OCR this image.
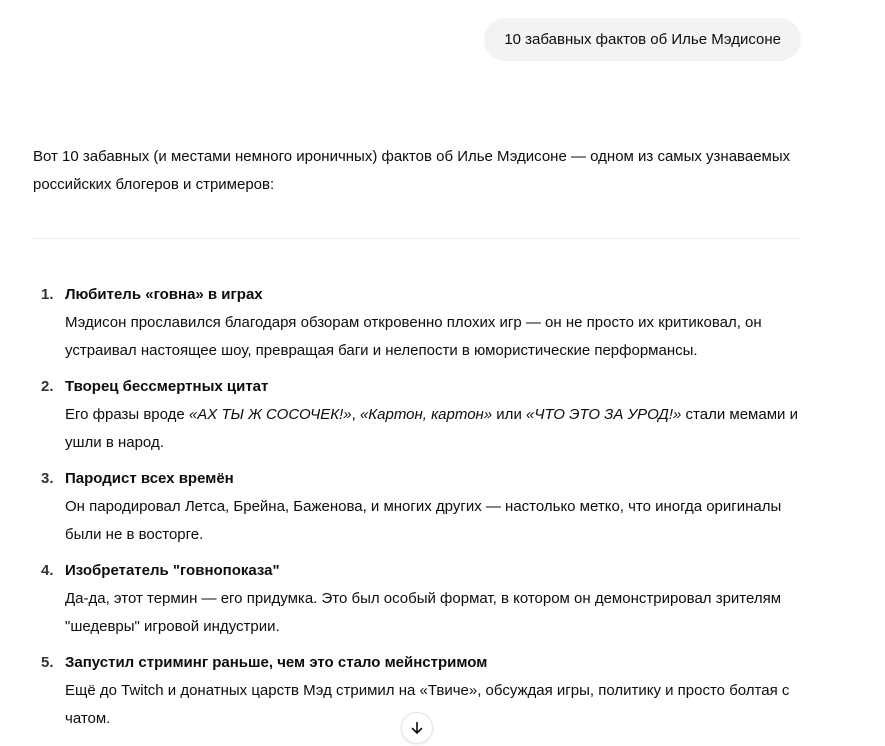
10 забавных фактов об Илье Мэдисоне

Вот 10 забавных (и местами немного ироничных) фактов об Илье Мэдисоне — одном из самых узнаваемых российских блогеров и стримеров:

1. Любитель «говна» в играх
Мэдисон прославился благодаря обзорам откровенно плохих игр — он не просто их критиковал, он устраивал настоящее шоу, превращая баги и нелепости в юмористические перформансы.
2. Творец бессмертных цитат
Его фразы вроде «АХ ТЫ Ж СОСОЧЕК!», «Картон, картон» или «ЧТО ЭТО ЗА УРОД!» стали мемами и ушли в народ.
3. Пародист всех времён
Он пародировал Летса, Брейна, Баженова, и многих других — настолько метко, что иногда оригиналы были не в восторге.
4. Изобретатель "говнопоказа"
Да-да, этот термин — его придумка. Это был особый формат, в котором он демонстрировал зрителям "шедевры" игровой индустрии.
5. Запустил стриминг раньше, чем это стало мейнстримом
Ещё до Twitch и донатных царств Мэд стримил на «Твиче», обсуждая игры, политику и просто болтая с чатом.
